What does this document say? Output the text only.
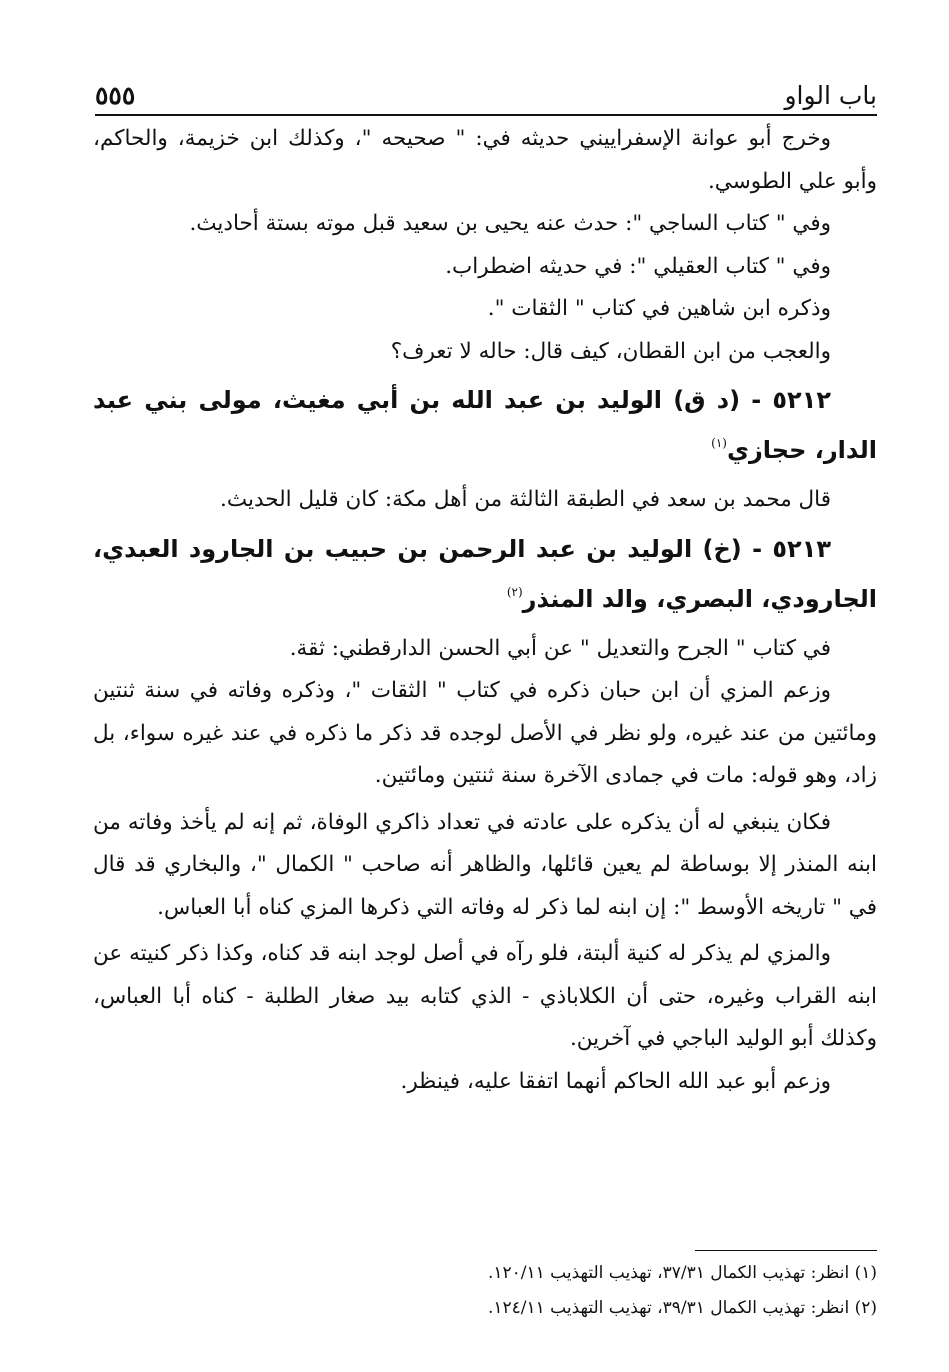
باب الواو
٥٥٥

وخرج أبو عوانة الإسفراييني حديثه في: " صحيحه "، وكذلك ابن خزيمة، والحاكم، وأبو علي الطوسي.

وفي " كتاب الساجي ": حدث عنه يحيى بن سعيد قبل موته بستة أحاديث.

وفي " كتاب العقيلي ": في حديثه اضطراب.

وذكره ابن شاهين في كتاب " الثقات ".

والعجب من ابن القطان، كيف قال: حاله لا تعرف؟

٥٢١٢ - (د ق) الوليد بن عبد الله بن أبي مغيث، مولى بني عبد الدار، حجازي$^{(١)}$

قال محمد بن سعد في الطبقة الثالثة من أهل مكة: كان قليل الحديث.

٥٢١٣ - (خ) الوليد بن عبد الرحمن بن حبيب بن الجارود العبدي، الجارودي، البصري، والد المنذر$^{(٢)}$

في كتاب " الجرح والتعديل " عن أبي الحسن الدارقطني: ثقة.

وزعم المزي أن ابن حبان ذكره في كتاب " الثقات "، وذكره وفاته في سنة ثنتين ومائتين من عند غيره، ولو نظر في الأصل لوجده قد ذكر ما ذكره في عند غيره سواء، بل زاد، وهو قوله: مات في جمادى الآخرة سنة ثنتين ومائتين.

فكان ينبغي له أن يذكره على عادته في تعداد ذاكري الوفاة، ثم إنه لم يأخذ وفاته من ابنه المنذر إلا بوساطة لم يعين قائلها، والظاهر أنه صاحب " الكمال "، والبخاري قد قال في " تاريخه الأوسط ": إن ابنه لما ذكر له وفاته التي ذكرها المزي كناه أبا العباس.

والمزي لم يذكر له كنية ألبتة، فلو رآه في أصل لوجد ابنه قد كناه، وكذا ذكر كنيته عن ابنه القراب وغيره، حتى أن الكلاباذي - الذي كتابه بيد صغار الطلبة - كناه أبا العباس، وكذلك أبو الوليد الباجي في آخرين.

وزعم أبو عبد الله الحاكم أنهما اتفقا عليه، فينظر.

(١) انظر: تهذيب الكمال ٣٧/٣١، تهذيب التهذيب ١٢٠/١١.

(٢) انظر: تهذيب الكمال ٣٩/٣١، تهذيب التهذيب ١٢٤/١١.
